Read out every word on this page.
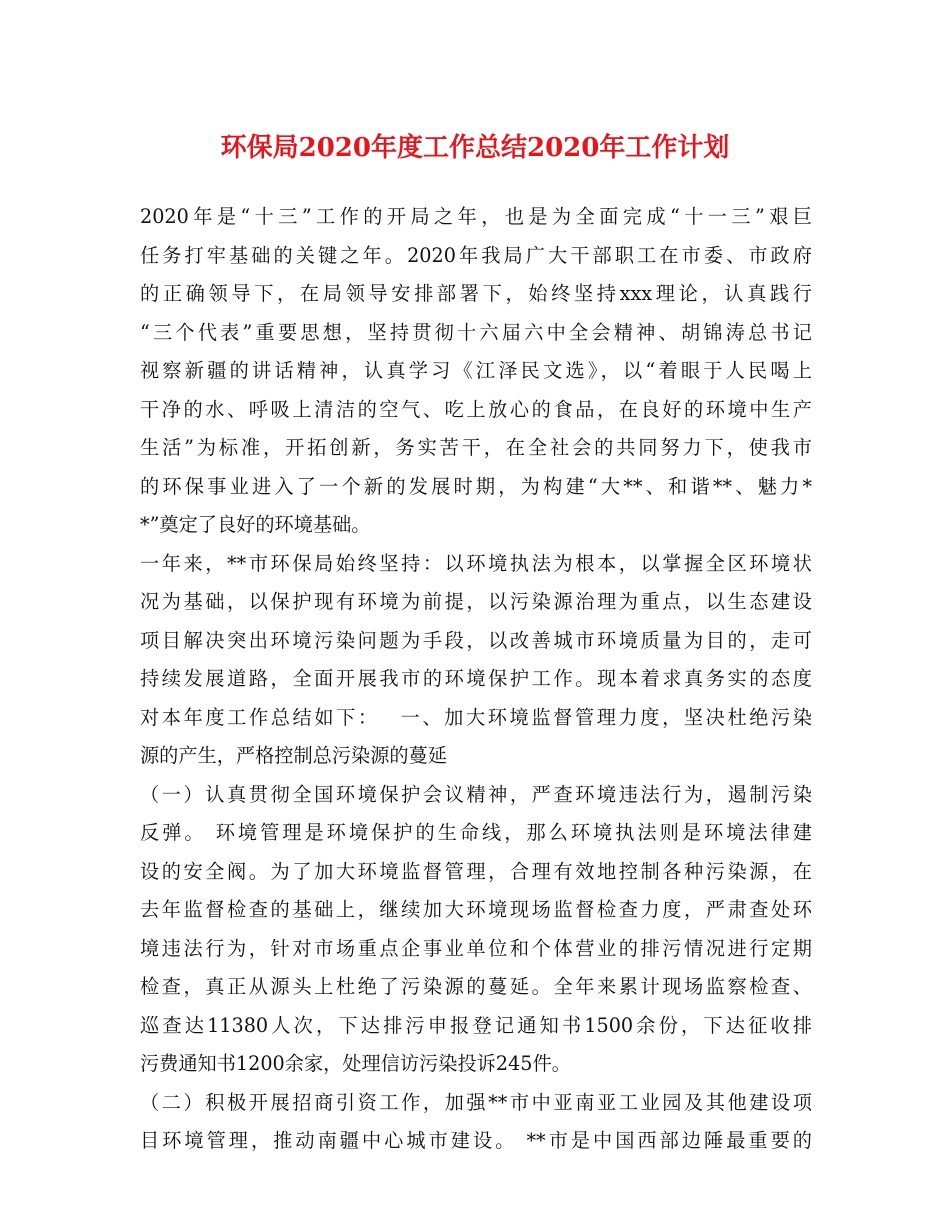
环保局2020年度工作总结2020年工作计划
2020年是“十三”工作的开局之年，也是为全面完成“十一三”艰巨
任务打牢基础的关键之年。2020年我局广大干部职工在市委、市政府
的正确领导下，在局领导安排部署下，始终坚持xxx理论，认真践行
“三个代表”重要思想，坚持贯彻十六届六中全会精神、胡锦涛总书记
视察新疆的讲话精神，认真学习《江泽民文选》，以“着眼于人民喝上
干净的水、呼吸上清洁的空气、吃上放心的食品，在良好的环境中生产
生活”为标准，开拓创新，务实苦干，在全社会的共同努力下，使我市
的环保事业进入了一个新的发展时期，为构建“大**、和谐**、魅力*
*”奠定了良好的环境基础。
一年来，**市环保局始终坚持：以环境执法为根本，以掌握全区环境状
况为基础，以保护现有环境为前提，以污染源治理为重点，以生态建设
项目解决突出环境污染问题为手段，以改善城市环境质量为目的，走可
持续发展道路，全面开展我市的环境保护工作。现本着求真务实的态度
对本年度工作总结如下：　 一、加大环境监督管理力度，坚决杜绝污染
源的产生，严格控制总污染源的蔓延
（一）认真贯彻全国环境保护会议精神，严查环境违法行为，遏制污染
反弹。 环境管理是环境保护的生命线，那么环境执法则是环境法律建
设的安全阀。为了加大环境监督管理，合理有效地控制各种污染源，在
去年监督检查的基础上，继续加大环境现场监督检查力度，严肃查处环
境违法行为，针对市场重点企事业单位和个体营业的排污情况进行定期
检查，真正从源头上杜绝了污染源的蔓延。全年来累计现场监察检查、
巡查达11380人次，下达排污申报登记通知书1500余份，下达征收排
污费通知书1200余家，处理信访污染投诉245件。
（二）积极开展招商引资工作，加强**市中亚南亚工业园及其他建设项
目环境管理，推动南疆中心城市建设。 **市是中国西部边陲最重要的
